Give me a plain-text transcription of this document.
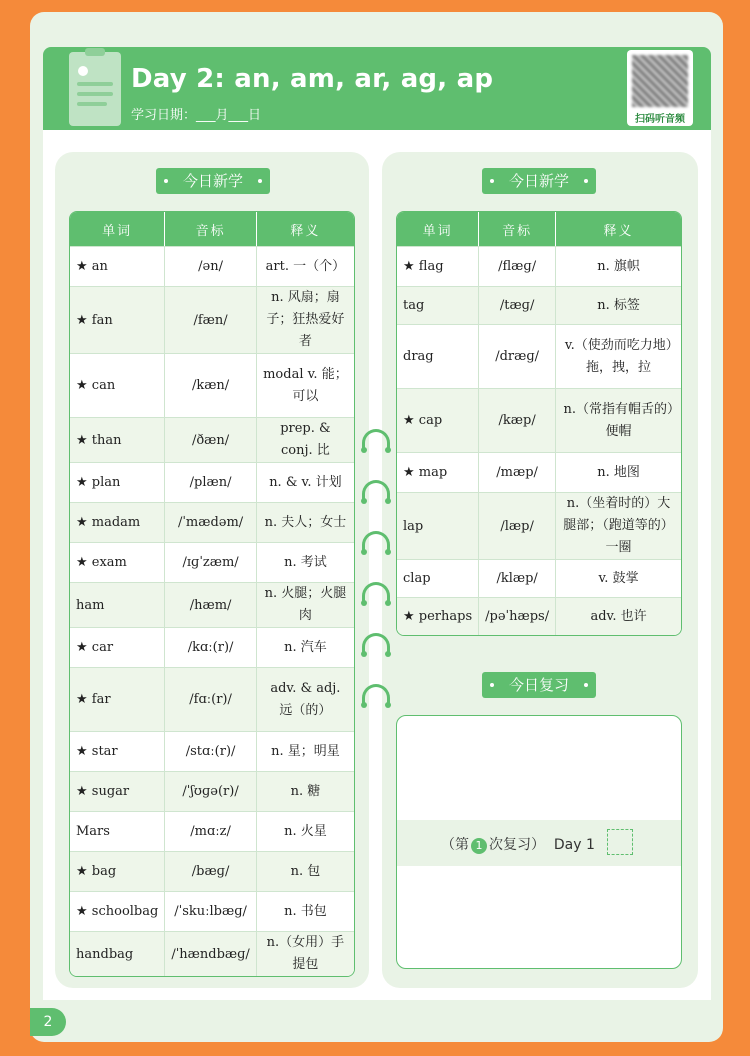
Day 2: an, am, ar, ag, ap
学习日期：___月___日	扫码听音频
今日新学	今日新学
单词	音标	释义
★ an	/ən/	art. 一（个）
★ fan	/fæn/	n. 风扇；扇子；狂热爱好者
★ can	/kæn/	modal v. 能；可以
★ than	/ðæn/	prep. & conj. 比
★ plan	/plæn/	n. & v. 计划
★ madam	/ˈmædəm/	n. 夫人；女士
★ exam	/ɪɡˈzæm/	n. 考试
ham	/hæm/	n. 火腿；火腿肉
★ car	/kɑː(r)/	n. 汽车
★ far	/fɑː(r)/	adv. & adj. 远（的）
★ star	/stɑː(r)/	n. 星；明星
★ sugar	/ˈʃʊɡə(r)/	n. 糖
Mars	/mɑːz/	n. 火星
★ bag	/bæɡ/	n. 包
★ schoolbag	/ˈskuːlbæɡ/	n. 书包
handbag	/ˈhændbæɡ/	n.（女用）手提包
单词	音标	释义
★ flag	/flæɡ/	n. 旗帜
tag	/tæɡ/	n. 标签
drag	/dræɡ/	v.（使劲而吃力地）拖，拽，拉
★ cap	/kæp/	n.（常指有帽舌的）便帽
★ map	/mæp/	n. 地图
lap	/læp/	n.（坐着时的）大腿部；（跑道等的）一圈
clap	/klæp/	v. 鼓掌
★ perhaps	/pəˈhæps/	adv. 也许
今日复习
（第 1 次复习） Day 1
2
